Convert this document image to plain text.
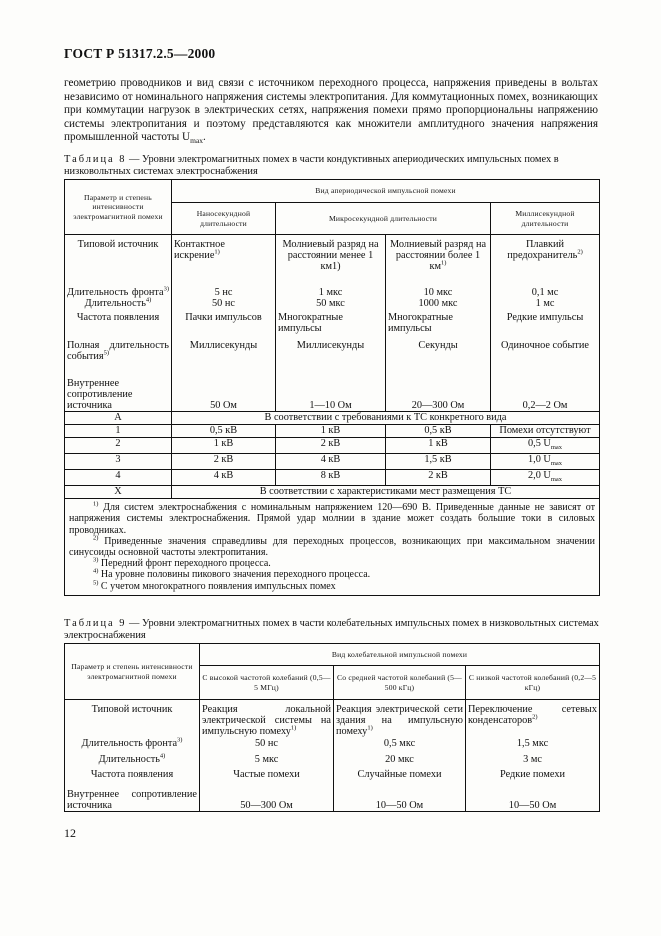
ГОСТ Р 51317.2.5—2000
геометрию проводников и вид связи с источником переходного процесса, напряжения приведены в вольтах независимо от номинального напряжения системы электропитания. Для коммутационных помех, возникающих при коммутации нагрузок в электрических сетях, напряжения помехи прямо пропорциональны напряжению системы электропитания и поэтому представляются как множители амплитудного значения напряжения промышленной частоты $U_{max}$.
Таблица 8 — Уровни электромагнитных помех в части кондуктивных апериодических импульсных помех в низковольтных системах электроснабжения
Параметр и степень интенсивности электромагнитной помехи	Вид апериодической импульсной помехи			
	Наносекундной длительности	Микросекундной длительности		Миллисекундной длительности
Типовой источник	Контактное искрение$^{1)}$	Молниевый разряд на расстоянии менее 1 км1)	Молниевый разряд на расстоянии более 1 $км^{1)}$	Плавкий предохранитель$^{2)}$
Длительность фронта$^{3)}$	5 нс	1 мкс	10 мкс	0,1 мс
Длительность$^{4)}$	50 нс	50 мкс	1000 мкс	1 мс
Частота появления	Пачки импульсов	Многократные импульсы	Многократные импульсы	Редкие импульсы
Полная длительность события$^{5)}$	Миллисекунды	Миллисекунды	Секунды	Одиночное событие
Внутреннее сопротивление источника	50 Ом	1—10 Ом	20—300 Ом	0,2—2 Ом
A	В соответствии с требованиями к ТС конкретного вида			
1	0,5 кВ	1 кВ	0,5 кВ	Помехи отсутствуют
2	1 кВ	2 кВ	1 кВ	0,5 $U_{max}$
3	2 кВ	4 кВ	1,5 кВ	1,0 $U_{max}$
4	4 кВ	8 кВ	2 кВ	2,0 $U_{max}$
X	В соответствии с характеристиками мест размещения ТС			

$^{1)}$ Для систем электроснабжения с номинальным напряжением 120—690 В. Приведенные данные не зависят от напряжения системы электроснабжения. Прямой удар молнии в здание может создать большие токи в силовых проводниках.
$^{2)}$ Приведенные значения справедливы для переходных процессов, возникающих при максимальном значении синусоиды основной частоты электропитания.
$^{3)}$ Передний фронт переходного процесса.
$^{4)}$ На уровне половины пикового значения переходного процесса.
$^{5)}$ С учетом многократного появления импульсных помех				
Таблица 9 — Уровни электромагнитных помех в части колебательных импульсных помех в низковольтных системах электроснабжения
Параметр и степень интенсивности электромагнитной помехи	Вид колебательной импульсной помехи		
	С высокой частотой колебаний (0,5—5 МГц)	Со средней частотой колебаний (5—500 кГц)	С низкой частотой колебаний (0,2—5 кГц)
Типовой источник	Реакция локальной электрической системы на импульсную помеху$^{1)}$	Реакция электрической сети здания на импульсную помеху$^{1)}$	Переключение сетевых конденсаторов$^{2)}$
Длительность фронта$^{3)}$	50 нс	0,5 мкс	1,5 мкс
Длительность$^{4)}$	5 мкс	20 мкс	3 мс
Частота появления	Частые помехи	Случайные помехи	Редкие помехи
Внутреннее сопротивление источника	50—300 Ом	10—50 Ом	10—50 Ом
12
